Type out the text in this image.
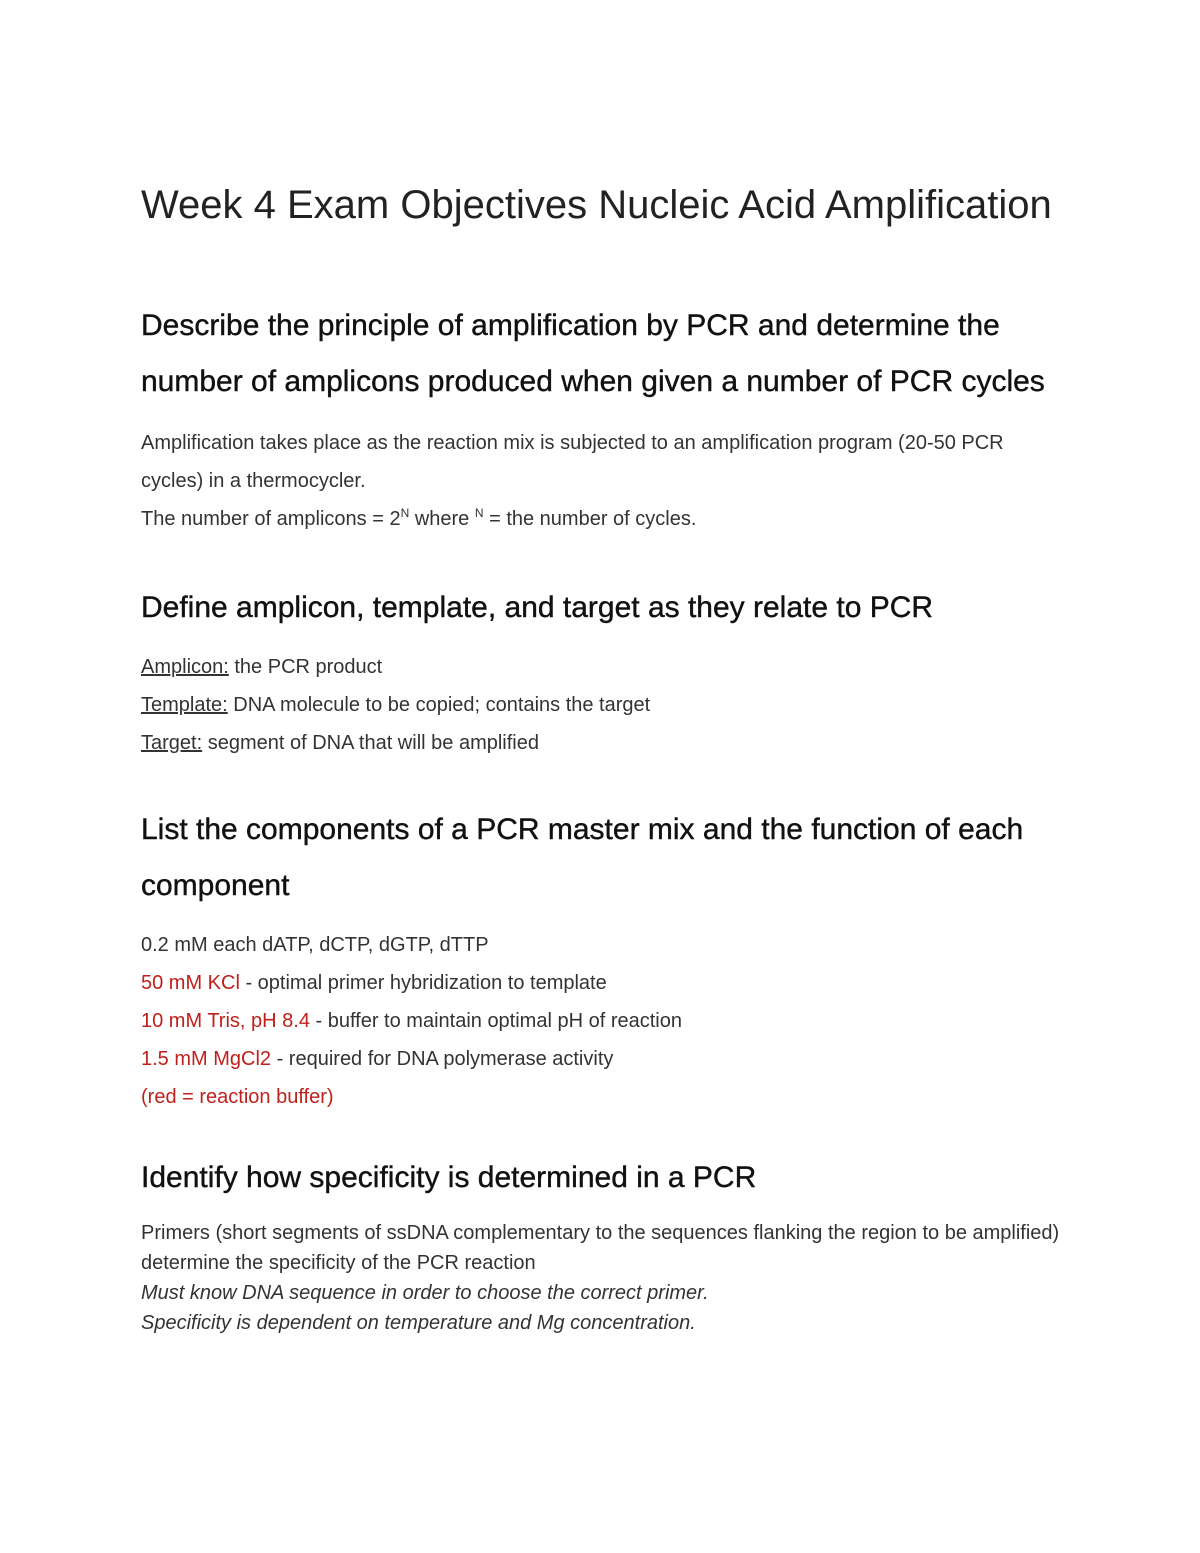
Week 4 Exam Objectives Nucleic Acid Amplification
Describe the principle of amplification by PCR and determine the number of amplicons produced when given a number of PCR cycles

Amplification takes place as the reaction mix is subjected to an amplification program (20-50 PCR cycles) in a thermocycler.

The number of amplicons = $2^N$ where $^N$ = the number of cycles.

Define amplicon, template, and target as they relate to PCR

Amplicon: the PCR product

Template: DNA molecule to be copied; contains the target

Target: segment of DNA that will be amplified

List the components of a PCR master mix and the function of each component

0.2 mM each dATP, dCTP, dGTP, dTTP

50 mM KCl - optimal primer hybridization to template

10 mM Tris, pH 8.4 - buffer to maintain optimal pH of reaction

1.5 mM MgCl2 - required for DNA polymerase activity

(red = reaction buffer)

Identify how specificity is determined in a PCR

Primers (short segments of ssDNA complementary to the sequences flanking the region to be amplified) determine the specificity of the PCR reaction

Must know DNA sequence in order to choose the correct primer.

Specificity is dependent on temperature and Mg concentration.
